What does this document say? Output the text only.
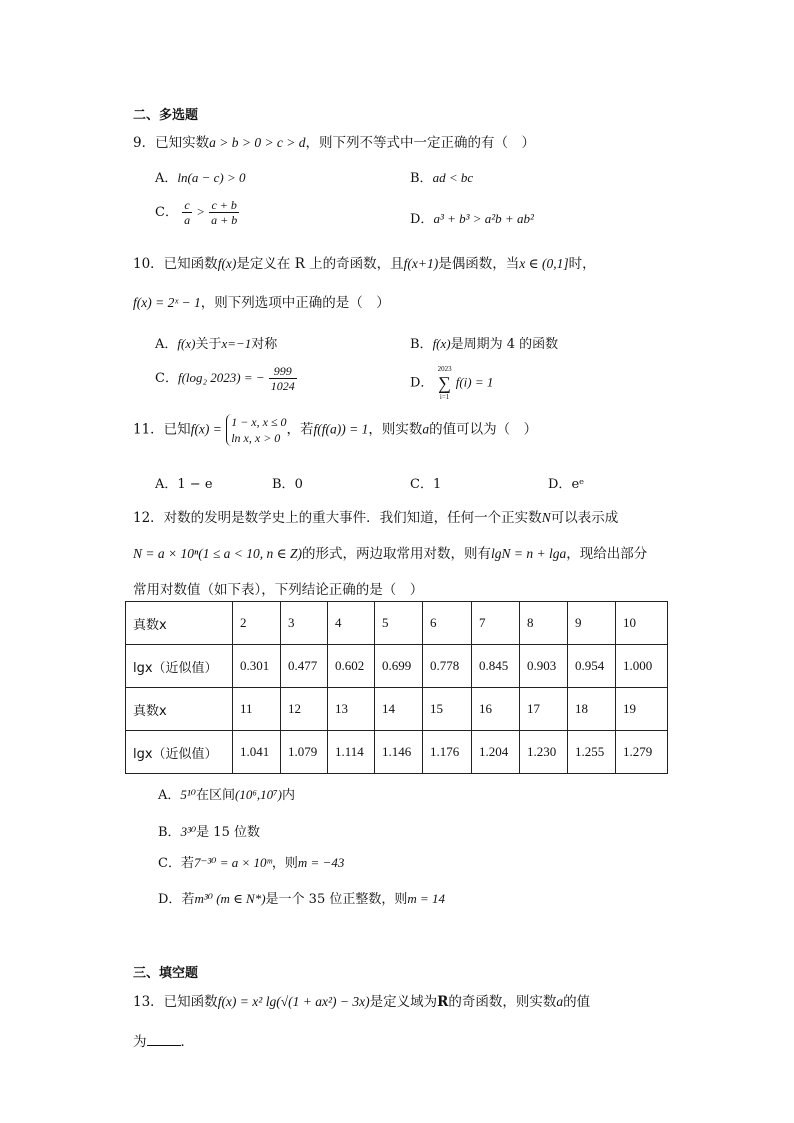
二、多选题
9．已知实数a > b > 0 > c > d，则下列不等式中一定正确的有（　）
A．ln(a − c) > 0	B．ad < bc
C． $\frac{c}{a} > \frac{c + b}{a + b}$	D．a³ + b³ > a²b + ab²
10．已知函数f(x)是定义在 R 上的奇函数，且f(x+1)是偶函数，当x ∈ (0,1]时，
f(x) = 2ˣ − 1，则下列选项中正确的是（　）
A．f(x)关于x=−1对称	B．f(x)是周期为 4 的函数
C．f(log₂ 2023) = − $\frac{999}{1024}$	D．
2023
∑
i=1
f(i) = 1
11．已知f(x) = 1 − x, x ≤ 0
ln x, x > 0
，若f(f(a)) = 1，则实数a的值可以为（　）
A．1 − e	B．0	C．1	D．eᵉ
12．对数的发明是数学史上的重大事件．我们知道，任何一个正实数N可以表示成
N = a × 10ⁿ(1 ≤ a < 10, n ∈ Z)的形式，两边取常用对数，则有lgN = n + lga，现给出部分
常用对数值（如下表），下列结论正确的是（　）
真数x	2	3	4	5	6	7	8	9	10
lgx（近似值）	0.301	0.477	0.602	0.699	0.778	0.845	0.903	0.954	1.000
真数x	11	12	13	14	15	16	17	18	19
lgx（近似值）	1.041	1.079	1.114	1.146	1.176	1.204	1.230	1.255	1.279
A．5¹⁰在区间(10⁶,10⁷)内
B．3³⁰是 15 位数
C．若7⁻³⁰ = a × 10ᵐ，则m = −43
D．若m³⁰ (m ∈ N*)是一个 35 位正整数，则m = 14
三、填空题
13．已知函数f(x) = x² lg(√(1 + ax²) − 3x)是定义域为R的奇函数，则实数a的值
为	．
